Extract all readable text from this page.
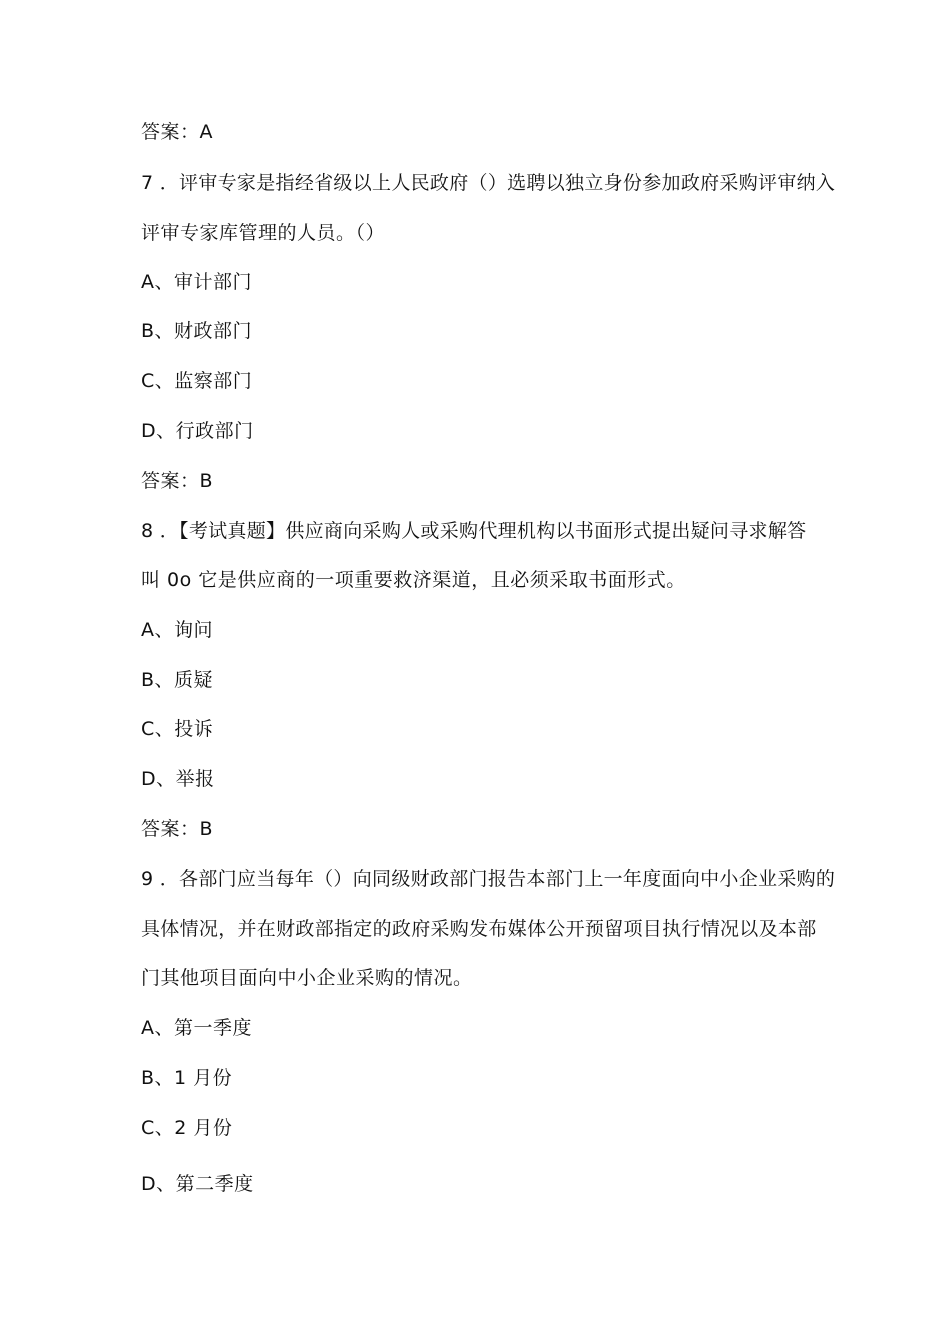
答案：A
7 ．评审专家是指经省级以上人民政府（）选聘以独立身份参加政府采购评审纳入
评审专家库管理的人员。（）
A、审计部门
B、财政部门
C、监察部门
D、行政部门
答案：B
8 ．【考试真题】供应商向采购人或采购代理机构以书面形式提出疑问寻求解答
叫 0o 它是供应商的一项重要救济渠道，且必须采取书面形式。
A、询问
B、质疑
C、投诉
D、举报
答案：B
9 ．各部门应当每年（）向同级财政部门报告本部门上一年度面向中小企业采购的
具体情况，并在财政部指定的政府采购发布媒体公开预留项目执行情况以及本部
门其他项目面向中小企业采购的情况。
A、第一季度
B、1 月份
C、2 月份
D、第二季度
